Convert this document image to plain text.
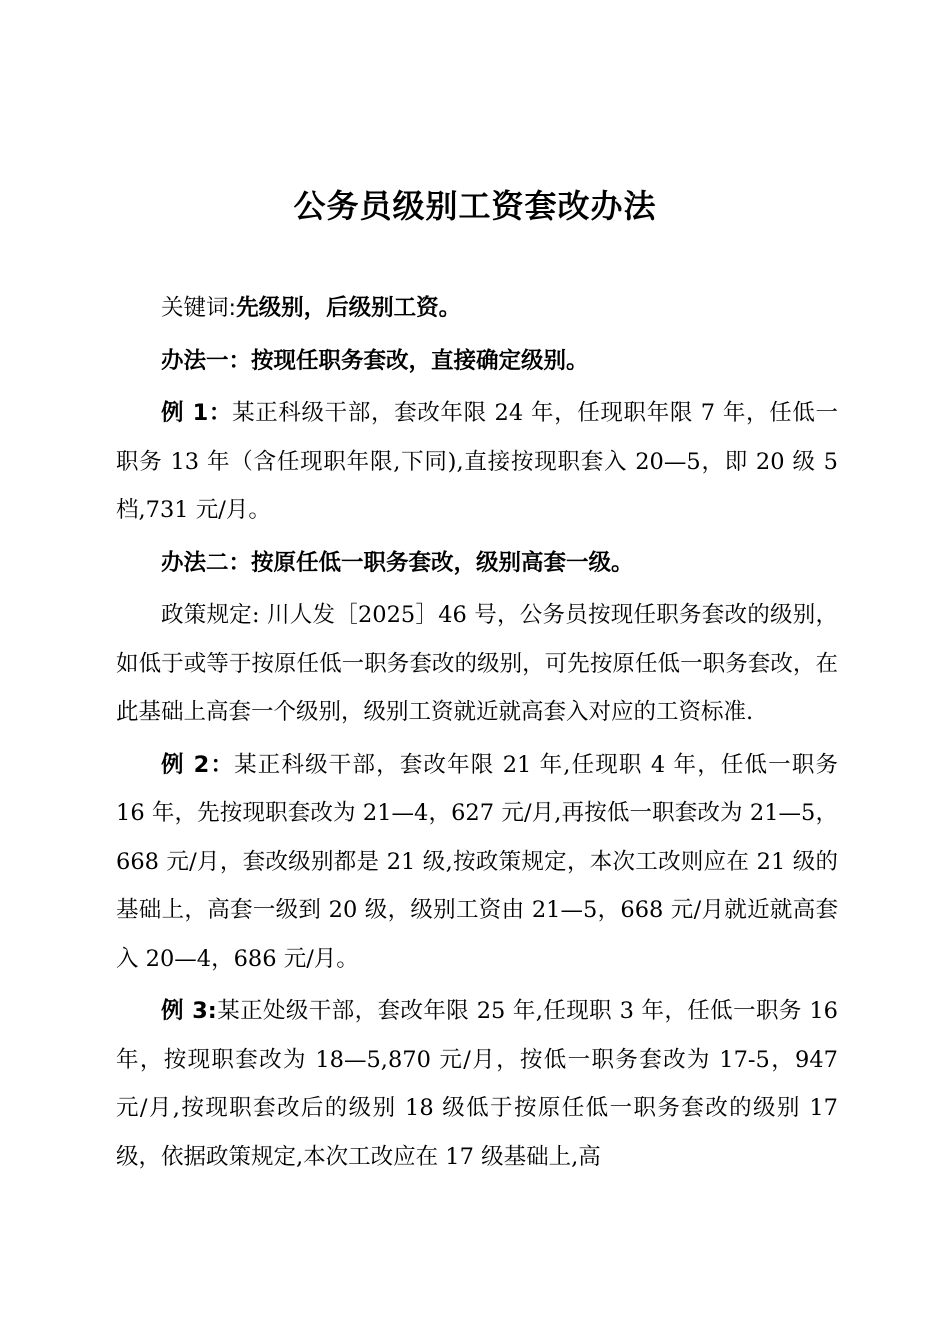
公务员级别工资套改办法

关键词:先级别，后级别工资。

办法一：按现任职务套改，直接确定级别。

例 1：某正科级干部，套改年限 24 年，任现职年限 7 年，任低一职务 13 年（含任现职年限,下同),直接按现职套入 20—5，即 20 级 5 档,731 元/月。

办法二：按原任低一职务套改，级别高套一级。

政策规定: 川人发［2025］46 号，公务员按现任职务套改的级别，如低于或等于按原任低一职务套改的级别，可先按原任低一职务套改，在此基础上高套一个级别，级别工资就近就高套入对应的工资标准.

例 2：某正科级干部，套改年限 21 年,任现职 4 年，任低一职务 16 年，先按现职套改为 21—4，627 元/月,再按低一职套改为 21—5，668 元/月，套改级别都是 21 级,按政策规定，本次工改则应在 21 级的基础上，高套一级到 20 级，级别工资由 21—5，668 元/月就近就高套入 20—4，686 元/月。

例 3:某正处级干部，套改年限 25 年,任现职 3 年，任低一职务 16 年，按现职套改为 18—5,870 元/月，按低一职务套改为 17-5，947 元/月,按现职套改后的级别 18 级低于按原任低一职务套改的级别 17 级，依据政策规定,本次工改应在 17 级基础上,高
